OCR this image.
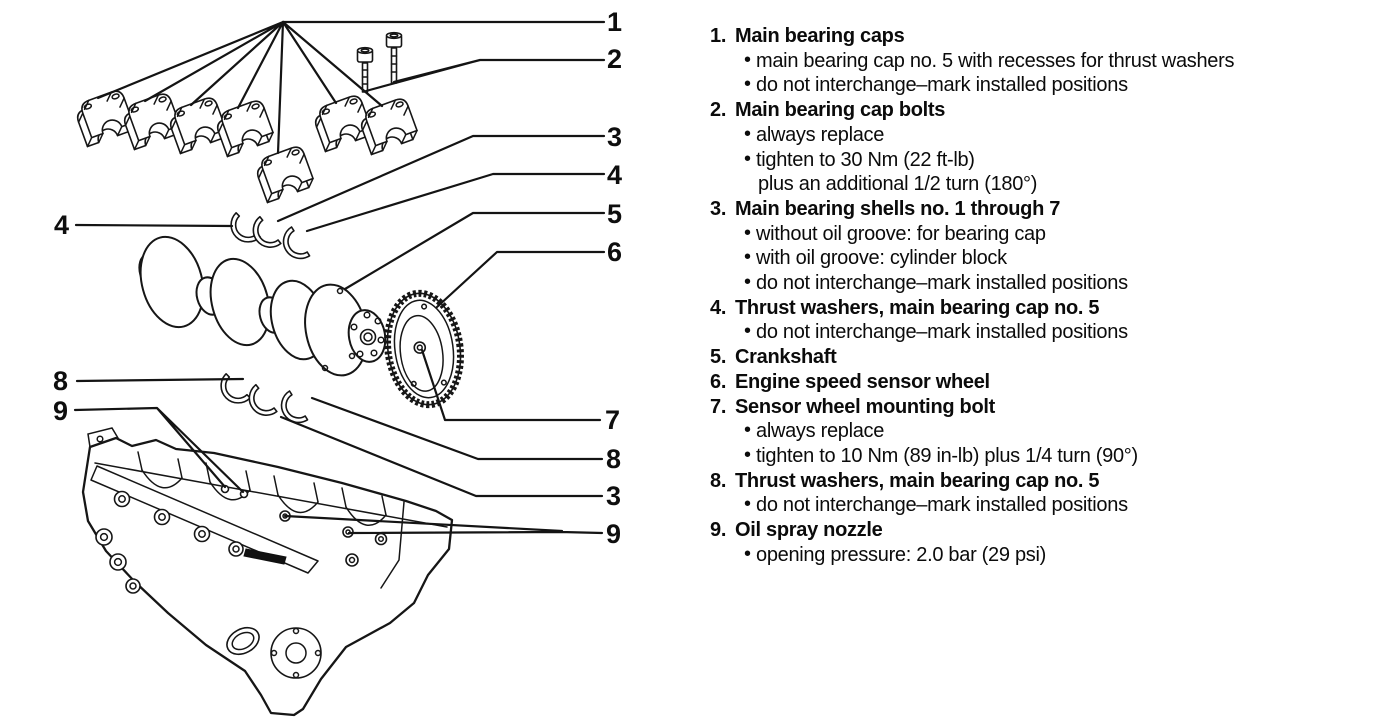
1
2
3
4
5
6
7
8
3
9
4
8
9
1. Main bearing caps
• main bearing cap no. 5 with recesses for thrust washers
• do not interchange–mark installed positions
2. Main bearing cap bolts
• always replace
• tighten to 30 Nm (22 ft-lb)
plus an additional 1/2 turn (180°)
3. Main bearing shells no. 1 through 7
• without oil groove: for bearing cap
• with oil groove: cylinder block
• do not interchange–mark installed positions
4. Thrust washers, main bearing cap no. 5
• do not interchange–mark installed positions
5. Crankshaft
6. Engine speed sensor wheel
7. Sensor wheel mounting bolt
• always replace
• tighten to 10 Nm (89 in-lb) plus 1/4 turn (90°)
8. Thrust washers, main bearing cap no. 5
• do not interchange–mark installed positions
9. Oil spray nozzle
• opening pressure: 2.0 bar (29 psi)
